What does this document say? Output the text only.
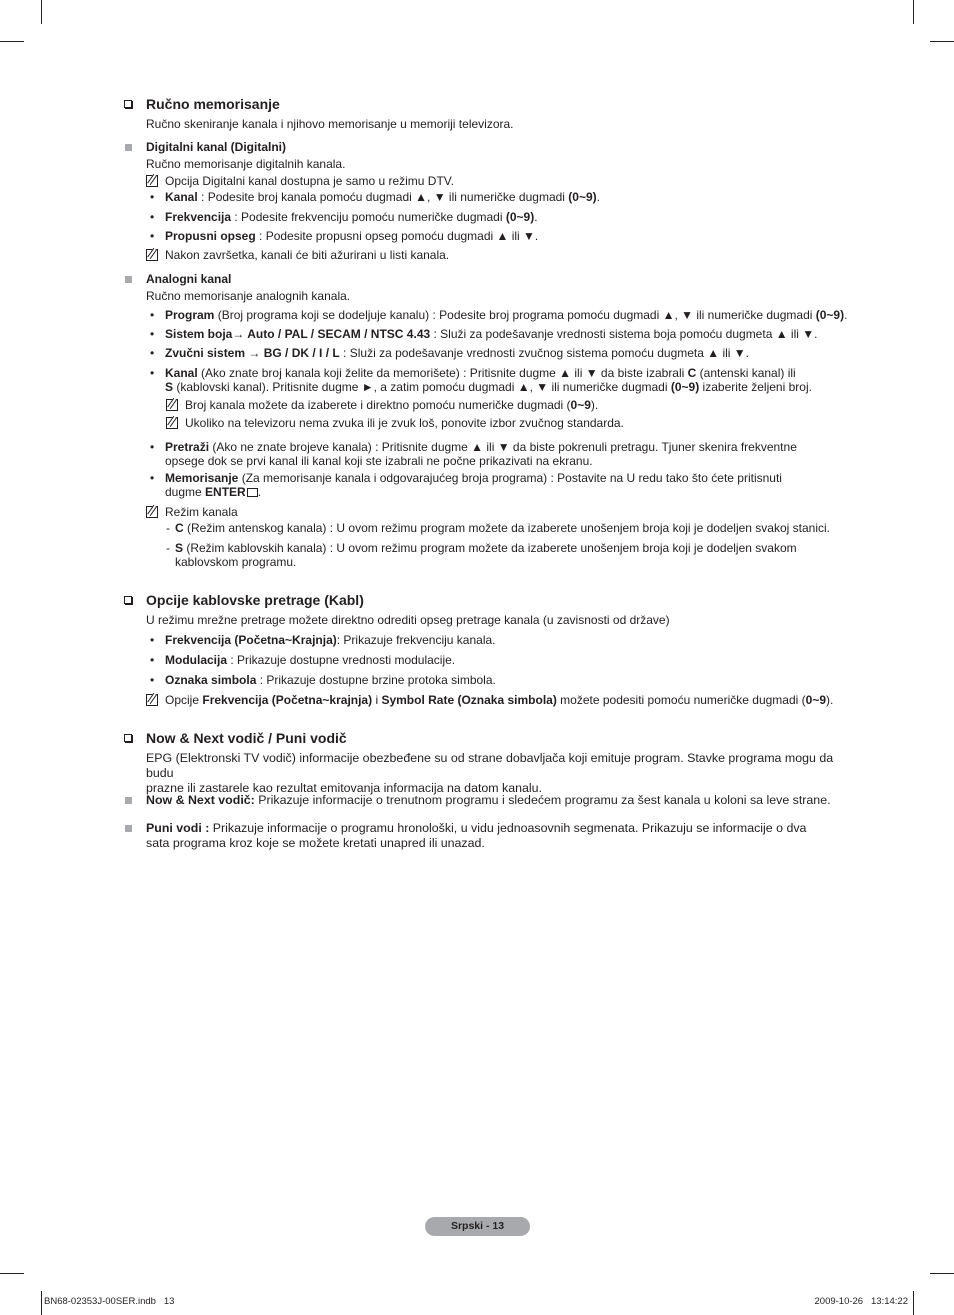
Ručno memorisanje
Ručno skeniranje kanala i njihovo memorisanje u memoriji televizora.
Digitalni kanal (Digitalni)
Ručno memorisanje digitalnih kanala.
Opcija Digitalni kanal dostupna je samo u režimu DTV.
• Kanal : Podesite broj kanala pomoću dugmadi ▲, ▼ ili numeričke dugmadi (0~9).
• Frekvencija : Podesite frekvenciju pomoću numeričke dugmadi (0~9).
• Propusni opseg : Podesite propusni opseg pomoću dugmadi ▲ ili ▼.
Nakon završetka, kanali će biti ažurirani u listi kanala.
Analogni kanal
Ručno memorisanje analognih kanala.
• Program (Broj programa koji se dodeljuje kanalu) : Podesite broj programa pomoću dugmadi ▲, ▼ ili numeričke dugmadi (0~9).
• Sistem boja→ Auto / PAL / SECAM / NTSC 4.43 : Služi za podešavanje vrednosti sistema boja pomoću dugmeta ▲ ili ▼.
• Zvučni sistem → BG / DK / I / L : Služi za podešavanje vrednosti zvučnog sistema pomoću dugmeta ▲ ili ▼.
• Kanal (Ako znate broj kanala koji želite da memorišete) : Pritisnite dugme ▲ ili ▼ da biste izabrali C (antenski kanal) ili
S (kablovski kanal). Pritisnite dugme ►, a zatim pomoću dugmadi ▲, ▼ ili numeričke dugmadi (0~9) izaberite željeni broj.
Broj kanala možete da izaberete i direktno pomoću numeričke dugmadi (0~9).
Ukoliko na televizoru nema zvuka ili je zvuk loš, ponovite izbor zvučnog standarda.
• Pretraži (Ako ne znate brojeve kanala) : Pritisnite dugme ▲ ili ▼ da biste pokrenuli pretragu. Tjuner skenira frekventne
opsege dok se prvi kanal ili kanal koji ste izabrali ne počne prikazivati na ekranu.
• Memorisanje (Za memorisanje kanala i odgovarajućeg broja programa) : Postavite na U redu tako što ćete pritisnuti
dugme ENTER .
Režim kanala
- C (Režim antenskog kanala) : U ovom režimu program možete da izaberete unošenjem broja koji je dodeljen svakoj stanici.
- S (Režim kablovskih kanala) : U ovom režimu program možete da izaberete unošenjem broja koji je dodeljen svakom
kablovskom programu.
Opcije kablovske pretrage (Kabl)
U režimu mrežne pretrage možete direktno odrediti opseg pretrage kanala (u zavisnosti od države)
• Frekvencija (Početna~Krajnja): Prikazuje frekvenciju kanala.
• Modulacija : Prikazuje dostupne vrednosti modulacije.
• Oznaka simbola : Prikazuje dostupne brzine protoka simbola.
Opcije Frekvencija (Početna~krajnja) i Symbol Rate (Oznaka simbola) možete podesiti pomoću numeričke dugmadi (0~9).
Now & Next vodič / Puni vodič
EPG (Elektronski TV vodič) informacije obezbeđene su od strane dobavljača koji emituje program. Stavke programa mogu da budu
prazne ili zastarele kao rezultat emitovanja informacija na datom kanalu.
Now & Next vodič: Prikazuje informacije o trenutnom programu i sledećem programu za šest kanala u koloni sa leve strane.
Puni vodi : Prikazuje informacije o programu hronološki, u vidu jednoasovnih segmenata. Prikazuju se informacije o dva
sata programa kroz koje se možete kretati unapred ili unazad.
Srpski - 13
BN68-02353J-00SER.indb   13	2009-10-26   13:14:22
